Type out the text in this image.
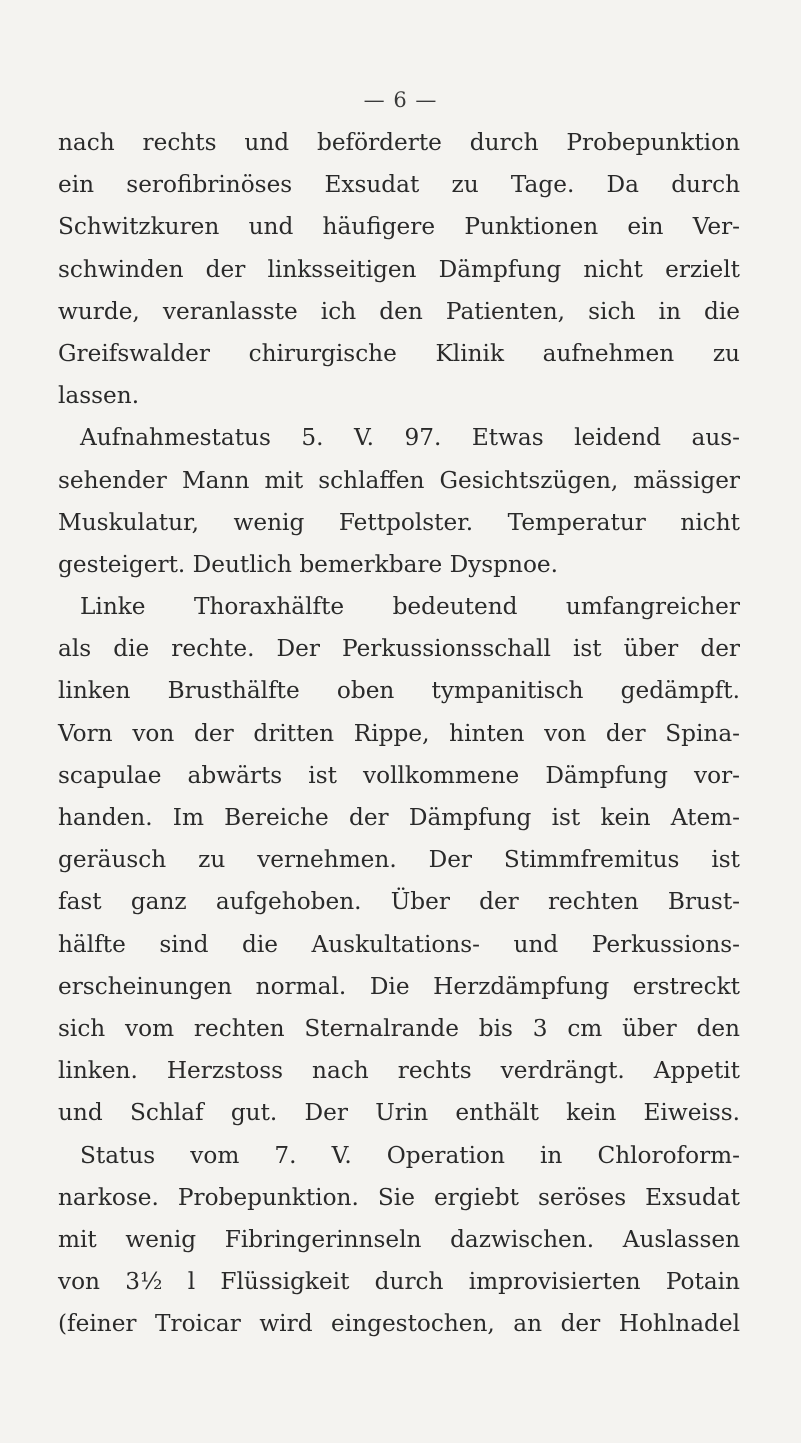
— 6 —
nach rechts und beförderte durch Probepunktion
ein serofibrinöses Exsudat zu Tage. Da durch
Schwitzkuren und häufigere Punktionen ein Ver-
schwinden der linksseitigen Dämpfung nicht erzielt
wurde, veranlasste ich den Patienten, sich in die
Greifswalder chirurgische Klinik aufnehmen zu
lassen.
Aufnahmestatus 5. V. 97. Etwas leidend aus-
sehender Mann mit schlaffen Gesichtszügen, mässiger
Muskulatur, wenig Fettpolster. Temperatur nicht
gesteigert. Deutlich bemerkbare Dyspnoe.
Linke Thoraxhälfte bedeutend umfangreicher
als die rechte. Der Perkussionsschall ist über der
linken Brusthälfte oben tympanitisch gedämpft.
Vorn von der dritten Rippe, hinten von der Spina-
scapulae abwärts ist vollkommene Dämpfung vor-
handen. Im Bereiche der Dämpfung ist kein Atem-
geräusch zu vernehmen. Der Stimmfremitus ist
fast ganz aufgehoben. Über der rechten Brust-
hälfte sind die Auskultations- und Perkussions-
erscheinungen normal. Die Herzdämpfung erstreckt
sich vom rechten Sternalrande bis 3 cm über den
linken. Herzstoss nach rechts verdrängt. Appetit
und Schlaf gut. Der Urin enthält kein Eiweiss.
Status vom 7. V. Operation in Chloroform-
narkose. Probepunktion. Sie ergiebt seröses Exsudat
mit wenig Fibringerinnseln dazwischen. Auslassen
von 3½ l Flüssigkeit durch improvisierten Potain
(feiner Troicar wird eingestochen, an der Hohlnadel
